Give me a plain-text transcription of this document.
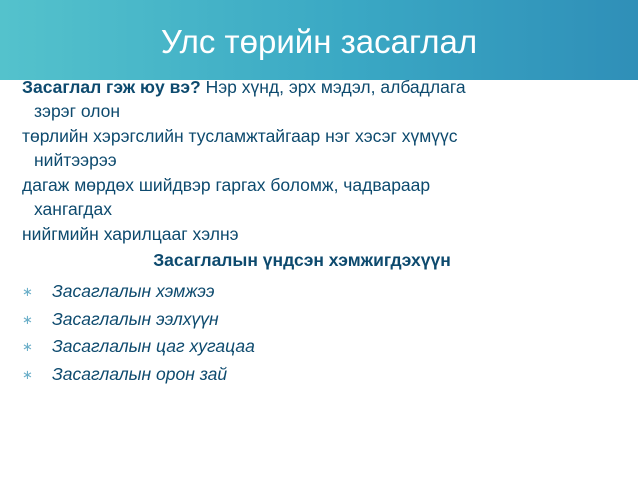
Улс төрийн засаглал

Засаглал гэж юу вэ? Нэр хүнд, эрх мэдэл, албадлага
зэрэг олон

төрлийн хэрэгслийн тусламжтайгаар нэг хэсэг хүмүүс
нийтээрээ

дагаж мөрдөх шийдвэр гаргах боломж, чадвараар
хангагдах

нийгмийн харилцааг хэлнэ

Засаглалын үндсэн хэмжигдэхүүн
∗	Засаглалын хэмжээ
∗	Засаглалын ээлхүүн
∗	Засаглалын цаг хугацаа
∗	Засаглалын орон зай
